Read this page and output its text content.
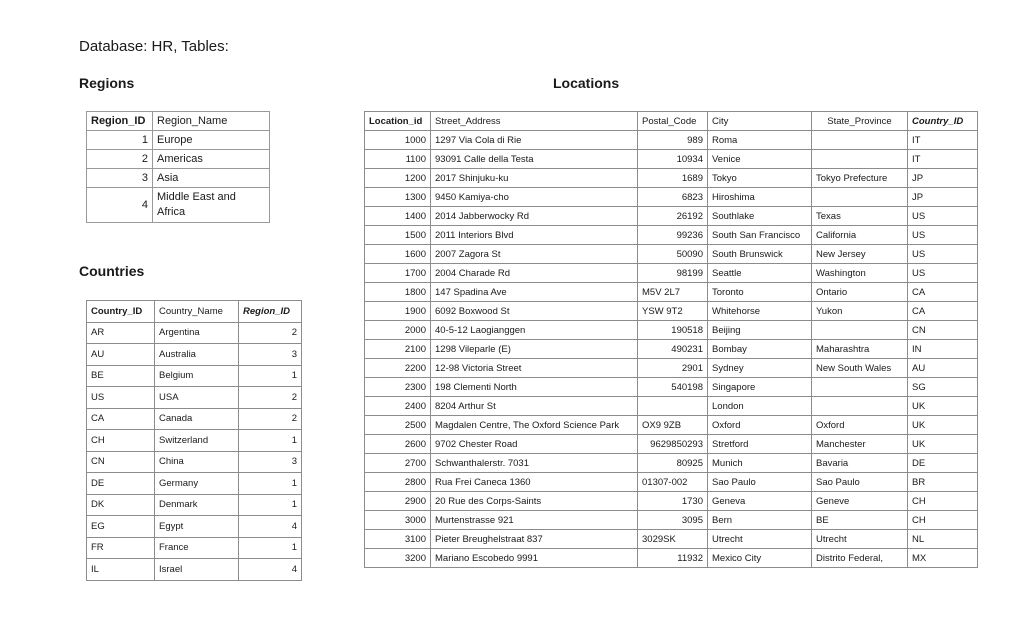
Database: HR, Tables:
Regions
Countries
Locations
Region_ID	Region_Name
1	Europe
2	Americas
3	Asia
4	Middle East and Africa
Country_ID	Country_Name	Region_ID
AR	Argentina	2
AU	Australia	3
BE	Belgium	1
US	USA	2
CA	Canada	2
CH	Switzerland	1
CN	China	3
DE	Germany	1
DK	Denmark	1
EG	Egypt	4
FR	France	1
IL	Israel	4
Location_id	Street_Address	Postal_Code	City	State_Province	Country_ID
1000	1297 Via Cola di Rie	989	Roma		IT
1100	93091 Calle della Testa	10934	Venice		IT
1200	2017 Shinjuku-ku	1689	Tokyo	Tokyo Prefecture	JP
1300	9450 Kamiya-cho	6823	Hiroshima		JP
1400	2014 Jabberwocky Rd	26192	Southlake	Texas	US
1500	2011 Interiors Blvd	99236	South San Francisco	California	US
1600	2007 Zagora St	50090	South Brunswick	New Jersey	US
1700	2004 Charade Rd	98199	Seattle	Washington	US
1800	147 Spadina Ave	M5V 2L7	Toronto	Ontario	CA
1900	6092 Boxwood St	YSW 9T2	Whitehorse	Yukon	CA
2000	40-5-12 Laogianggen	190518	Beijing		CN
2100	1298 Vileparle (E)	490231	Bombay	Maharashtra	IN
2200	12-98 Victoria Street	2901	Sydney	New South Wales	AU
2300	198 Clementi North	540198	Singapore		SG
2400	8204 Arthur St		London		UK
2500	Magdalen Centre, The Oxford Science Park	OX9 9ZB	Oxford	Oxford	UK
2600	9702 Chester Road	9629850293	Stretford	Manchester	UK
2700	Schwanthalerstr. 7031	80925	Munich	Bavaria	DE
2800	Rua Frei Caneca 1360	01307-002	Sao Paulo	Sao Paulo	BR
2900	20 Rue des Corps-Saints	1730	Geneva	Geneve	CH
3000	Murtenstrasse 921	3095	Bern	BE	CH
3100	Pieter Breughelstraat 837	3029SK	Utrecht	Utrecht	NL
3200	Mariano Escobedo 9991	11932	Mexico City	Distrito Federal,	MX
